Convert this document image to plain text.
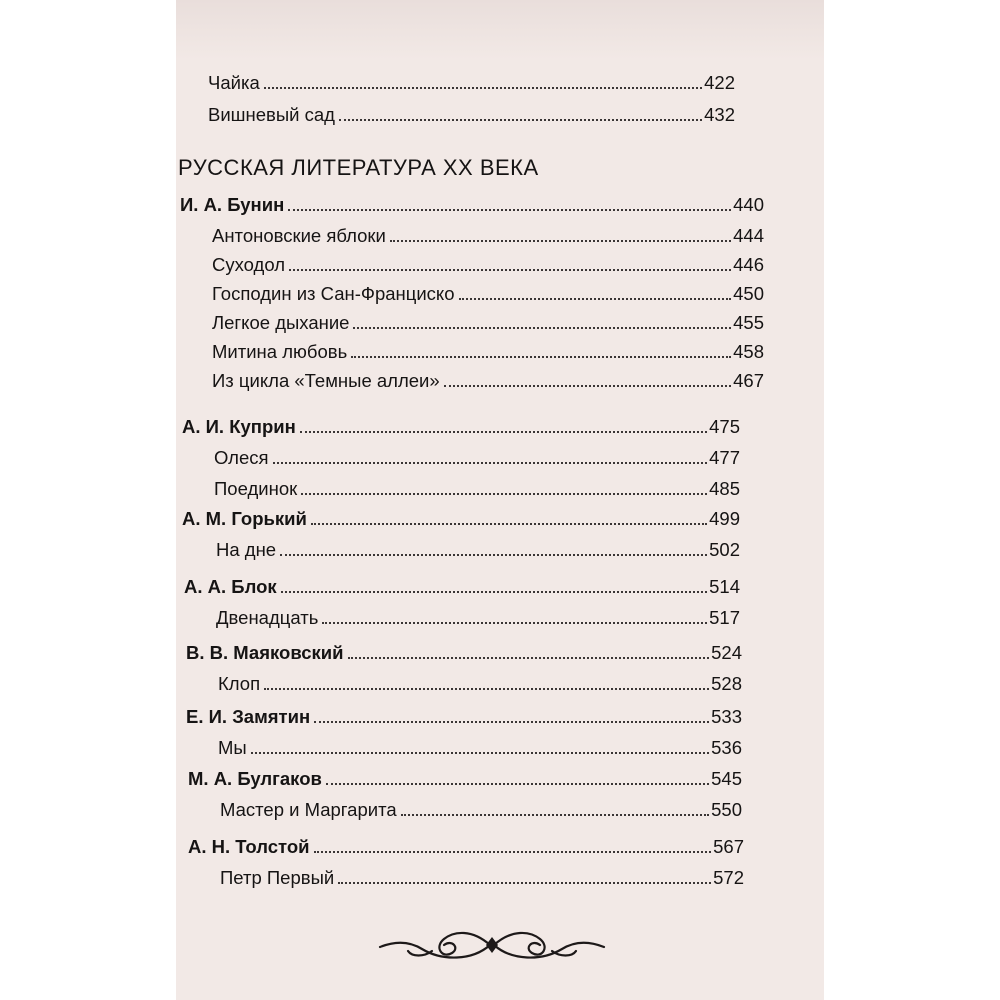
Чайка	422
Вишневый сад	432
РУССКАЯ ЛИТЕРАТУРА ХХ ВЕКА
И. А. Бунин	440
Антоновские яблоки	444
Суходол	446
Господин из Сан-Франциско	450
Легкое дыхание	455
Митина любовь	458
Из цикла «Темные аллеи»	467
А. И. Куприн	475
Олеся	477
Поединок	485
А. М. Горький	499
На дне	502
А. А. Блок	514
Двенадцать	517
В. В. Маяковский	524
Клоп	528
Е. И. Замятин	533
Мы	536
М. А. Булгаков	545
Мастер и Маргарита	550
А. Н. Толстой	567
Петр Первый	572
